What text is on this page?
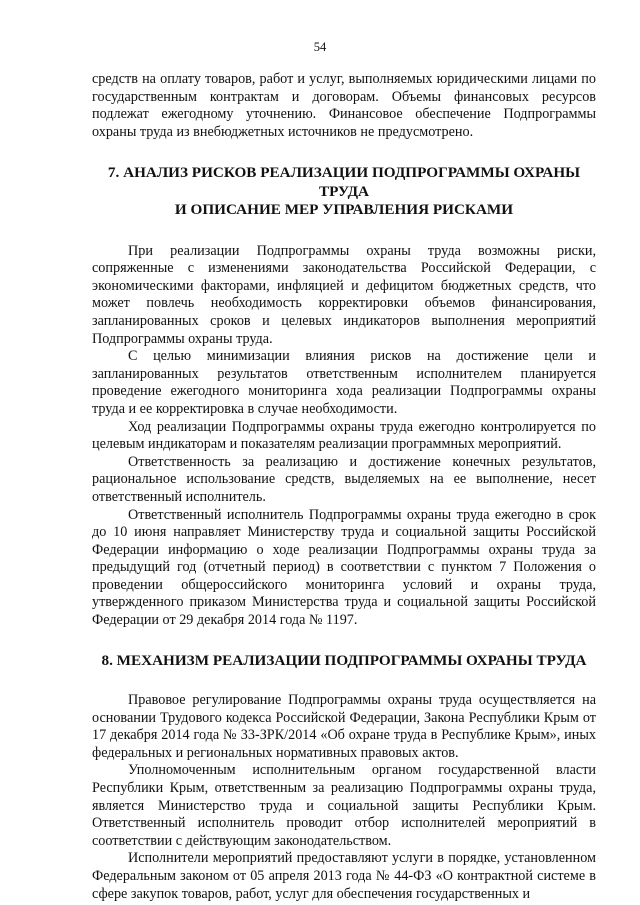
54

средств на оплату товаров, работ и услуг, выполняемых юридическими лицами по государственным контрактам и договорам. Объемы финансовых ресурсов подлежат ежегодному уточнению. Финансовое обеспечение Подпрограммы охраны труда из внебюджетных источников не предусмотрено.

7. АНАЛИЗ РИСКОВ РЕАЛИЗАЦИИ ПОДПРОГРАММЫ ОХРАНЫ ТРУДА
И ОПИСАНИЕ МЕР УПРАВЛЕНИЯ РИСКАМИ

При реализации Подпрограммы охраны труда возможны риски, сопряженные с изменениями законодательства Российской Федерации, с экономическими факторами, инфляцией и дефицитом бюджетных средств, что может повлечь необходимость корректировки объемов финансирования, запланированных сроков и целевых индикаторов выполнения мероприятий Подпрограммы охраны труда.

С целью минимизации влияния рисков на достижение цели и запланированных результатов ответственным исполнителем планируется проведение ежегодного мониторинга хода реализации Подпрограммы охраны труда и ее корректировка в случае необходимости.

Ход реализации Подпрограммы охраны труда ежегодно контролируется по целевым индикаторам и показателям реализации программных мероприятий.

Ответственность за реализацию и достижение конечных результатов, рациональное использование средств, выделяемых на ее выполнение, несет ответственный исполнитель.

Ответственный исполнитель Подпрограммы охраны труда ежегодно в срок до 10 июня направляет Министерству труда и социальной защиты Российской Федерации информацию о ходе реализации Подпрограммы охраны труда за предыдущий год (отчетный период) в соответствии с пунктом 7 Положения о проведении общероссийского мониторинга условий и охраны труда, утвержденного приказом Министерства труда и социальной защиты Российской Федерации от 29 декабря 2014 года № 1197.

8. МЕХАНИЗМ РЕАЛИЗАЦИИ ПОДПРОГРАММЫ ОХРАНЫ ТРУДА

Правовое регулирование Подпрограммы охраны труда осуществляется на основании Трудового кодекса Российской Федерации, Закона Республики Крым от 17 декабря 2014 года № 33-ЗРК/2014 «Об охране труда в Республике Крым», иных федеральных и региональных нормативных правовых актов.

Уполномоченным исполнительным органом государственной власти Республики Крым, ответственным за реализацию Подпрограммы охраны труда, является Министерство труда и социальной защиты Республики Крым. Ответственный исполнитель проводит отбор исполнителей мероприятий в соответствии с действующим законодательством.

Исполнители мероприятий предоставляют услуги в порядке, установленном Федеральным законом от 05 апреля 2013 года № 44-ФЗ «О контрактной системе в сфере закупок товаров, работ, услуг для обеспечения государственных и
